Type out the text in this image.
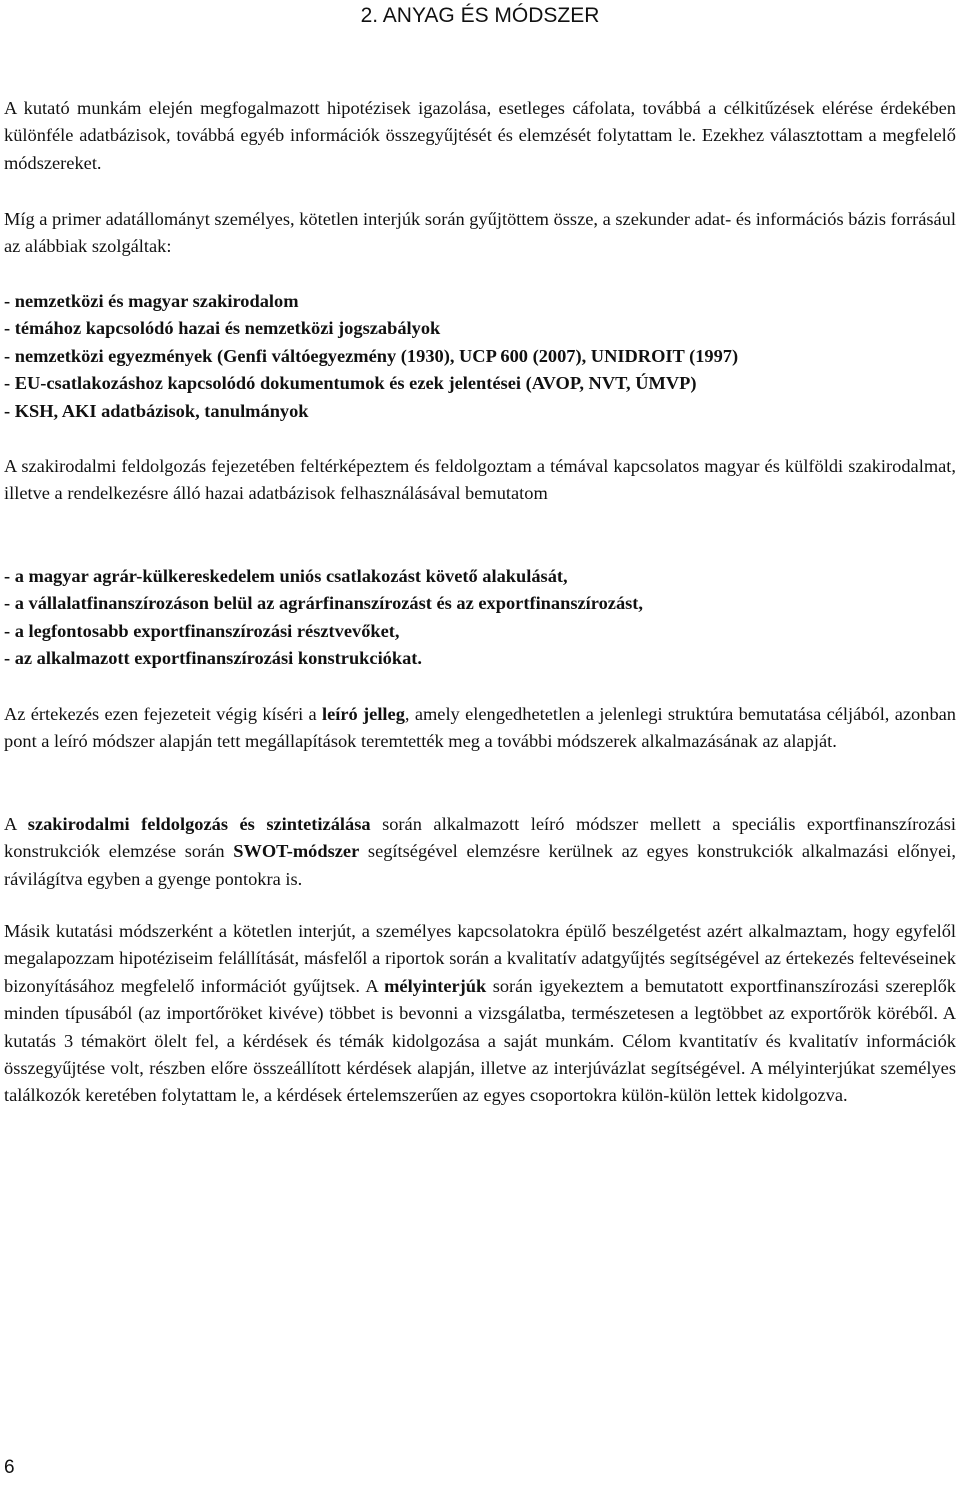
2. ANYAG ÉS MÓDSZER

A kutató munkám elején megfogalmazott hipotézisek igazolása, esetleges cáfolata, továbbá a célkitűzések elérése érdekében különféle adatbázisok, továbbá egyéb információk összegyűjtését és elemzését folytattam le. Ezekhez választottam a megfelelő módszereket.

Míg a primer adatállományt személyes, kötetlen interjúk során gyűjtöttem össze, a szekunder adat- és információs bázis forrásául az alábbiak szolgáltak:

- nemzetközi és magyar szakirodalom
- témához kapcsolódó hazai és nemzetközi jogszabályok
- nemzetközi egyezmények (Genfi váltóegyezmény (1930), UCP 600 (2007), UNIDROIT (1997)
- EU-csatlakozáshoz kapcsolódó dokumentumok és ezek jelentései (AVOP, NVT, ÚMVP)
- KSH, AKI adatbázisok, tanulmányok

A szakirodalmi feldolgozás fejezetében feltérképeztem és feldolgoztam a témával kapcsolatos magyar és külföldi szakirodalmat, illetve a rendelkezésre álló hazai adatbázisok felhasználásával bemutatom

- a magyar agrár-külkereskedelem uniós csatlakozást követő alakulását,
- a vállalatfinanszírozáson belül az agrárfinanszírozást és az exportfinanszírozást,
- a legfontosabb exportfinanszírozási résztvevőket,
- az alkalmazott exportfinanszírozási konstrukciókat.

Az értekezés ezen fejezeteit végig kíséri a leíró jelleg, amely elengedhetetlen a jelenlegi struktúra bemutatása céljából, azonban pont a leíró módszer alapján tett megállapítások teremtették meg a további módszerek alkalmazásának az alapját.

A szakirodalmi feldolgozás és szintetizálása során alkalmazott leíró módszer mellett a speciális exportfinanszírozási konstrukciók elemzése során SWOT-módszer segítségével elemzésre kerülnek az egyes konstrukciók alkalmazási előnyei, rávilágítva egyben a gyenge pontokra is.

Másik kutatási módszerként a kötetlen interjút, a személyes kapcsolatokra épülő beszélgetést azért alkalmaztam, hogy egyfelől megalapozzam hipotéziseim felállítását, másfelől a riportok során a kvalitatív adatgyűjtés segítségével az értekezés feltevéseinek bizonyításához megfelelő információt gyűjtsek. A mélyinterjúk során igyekeztem a bemutatott exportfinanszírozási szereplők minden típusából (az importőröket kivéve) többet is bevonni a vizsgálatba, természetesen a legtöbbet az exportőrök köréből. A kutatás 3 témakört ölelt fel, a kérdések és témák kidolgozása a saját munkám. Célom kvantitatív és kvalitatív információk összegyűjtése volt, részben előre összeállított kérdések alapján, illetve az interjúvázlat segítségével. A mélyinterjúkat személyes találkozók keretében folytattam le, a kérdések értelemszerűen az egyes csoportokra külön-külön lettek kidolgozva.

6
